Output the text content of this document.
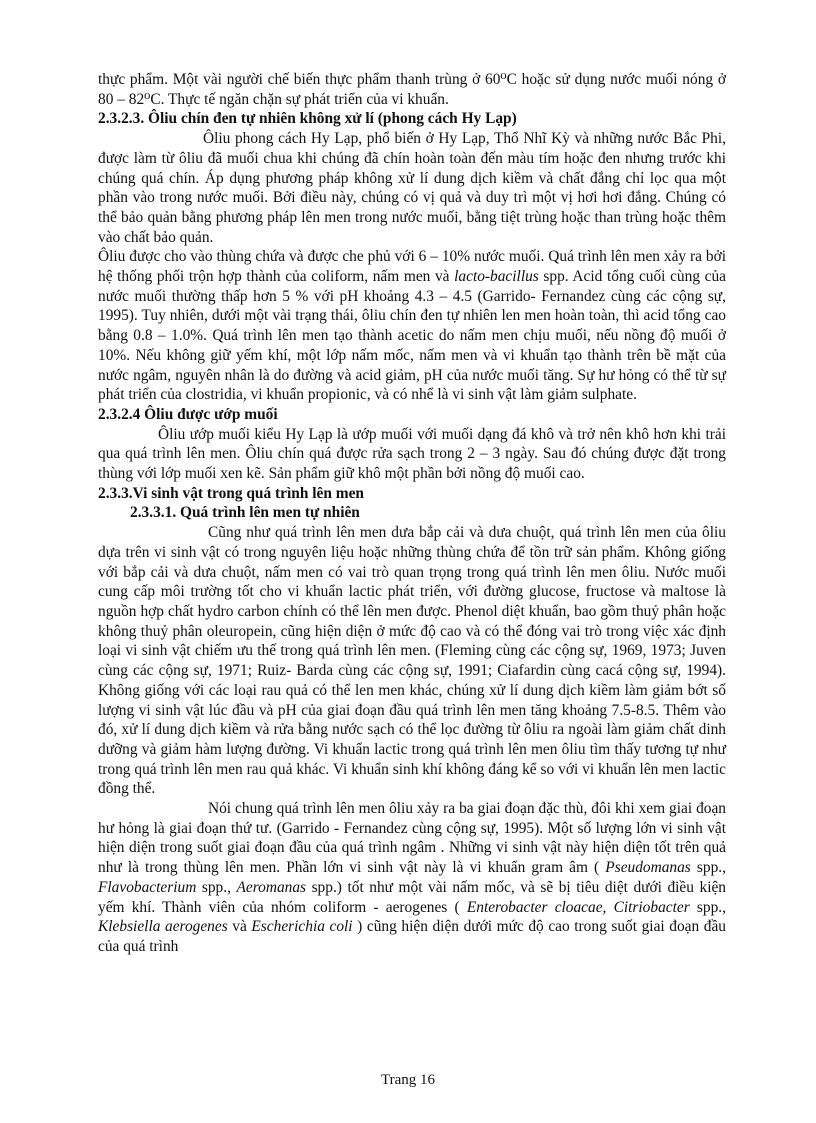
thực phẩm. Một vài người chế biến thực phẩm thanh trùng ở 60⁰C hoặc sử dụng nước muối nóng ở 80 – 82⁰C. Thực tế ngăn chặn sự phát triển của vi khuẩn.

2.3.2.3. Ôliu chín đen tự nhiên không xử lí (phong cách Hy Lạp)

Ôliu phong cách Hy Lạp, phổ biến ở Hy Lạp, Thổ Nhĩ Kỳ và những nước Bắc Phi, được làm từ ôliu đã muối chua khi chúng đã chín hoàn toàn đến màu tím hoặc đen nhưng trước khi chúng quá chín. Áp dụng phương pháp không xử lí dung dịch kiềm và chất đắng chỉ lọc qua một phần vào trong nước muối. Bởi điều này, chúng có vị quả và duy trì một vị hơi hơi đắng. Chúng có thể bảo quản bằng phương pháp lên men trong nước muối, bằng tiệt trùng hoặc than trùng hoặc thêm vào chất bảo quản.

Ôliu được cho vào thùng chứa và được che phủ với 6 – 10% nước muối. Quá trình lên men xảy ra bởi hệ thống phối trộn hợp thành của coliform, nấm men và lacto-bacillus spp. Acid tổng cuối cùng của nước muối thường thấp hơn 5 % với pH khoảng 4.3 – 4.5 (Garrido- Fernandez cùng các cộng sự, 1995). Tuy nhiên, dưới một vài trạng thái, ôliu chín đen tự nhiên len men hoàn toàn, thì acid tổng cao bằng 0.8 – 1.0%. Quá trình lên men tạo thành acetic do nấm men chịu muối, nếu nồng độ muối ở 10%. Nếu không giữ yếm khí, một lớp nấm mốc, nấm men và vi khuẩn tạo thành trên bề mặt của nước ngâm, nguyên nhân là do đường và acid giảm, pH của nước muối tăng. Sự hư hỏng có thể từ sự phát triển của clostridia, vi khuẩn propionic, và có nhể là vi sinh vật làm giảm sulphate.

2.3.2.4 Ôliu được ướp muối

Ôliu ướp muối kiểu Hy Lạp là ướp muối với muối dạng đá khô và trở nên khô hơn khi trải qua quá trình lên men. Ôliu chín quá được rửa sạch trong 2 – 3 ngày. Sau đó chúng được đặt trong thùng với lớp muối xen kẽ. Sản phẩm giữ khô một phần bởi nồng độ muối cao.

2.3.3.Vi sinh vật trong quá trình lên men

2.3.3.1. Quá trình lên men tự nhiên

Cũng như quá trình lên men dưa bắp cải và dưa chuột, quá trình lên men của ôliu dựa trên vi sinh vật có trong nguyên liệu hoặc những thùng chứa để tồn trữ sản phẩm. Không giống với bắp cải và dưa chuột, nấm men có vai trò quan trọng trong quá trình lên men ôliu. Nước muối cung cấp môi trường tốt cho vi khuẩn lactic phát triển, với đường glucose, fructose và maltose là nguồn hợp chất hydro carbon chính có thể lên men được. Phenol diệt khuẩn, bao gồm thuỷ phân hoặc không thuỷ phân oleuropein, cũng hiện diện ở mức độ cao và có thể đóng vai trò trong việc xác định loại vi sinh vật chiếm ưu thế trong quá trình lên men. (Fleming cùng các cộng sự, 1969, 1973; Juven cùng các cộng sự, 1971; Ruiz- Barda cùng các cộng sự, 1991; Ciafardin cùng cacá cộng sự, 1994). Không giống với các loại rau quả có thể len men khác, chúng xử lí dung dịch kiềm làm giảm bớt số lượng vi sinh vật lúc đầu và pH của giai đoạn đầu quá trình lên men tăng khoảng 7.5-8.5. Thêm vào đó, xử lí dung dịch kiềm và rửa bằng nước sạch có thể lọc đường từ ôliu ra ngoài làm giảm chất dinh dưỡng và giảm hàm lượng đường. Vi khuẩn lactic trong quá trình lên men ôliu tìm thấy tương tự như trong quá trình lên men rau quả khác. Vi khuẩn sinh khí không đáng kể so với vi khuẩn lên men lactic đồng thể.

Nói chung quá trình lên men ôliu xảy ra ba giai đoạn đặc thù, đôi khi xem giai đoạn hư hỏng là giai đoạn thứ tư. (Garrido - Fernandez cùng cộng sự, 1995). Một số lượng lớn vi sinh vật hiện diện trong suốt giai đoạn đầu của quá trình ngâm . Những vi sinh vật này hiện diện tốt trên quả như là trong thùng lên men. Phần lớn vi sinh vật này là vi khuẩn gram âm ( Pseudomanas spp., Flavobacterium spp., Aeromanas spp.) tốt như một vài nấm mốc, và sẽ bị tiêu diệt dưới điều kiện yếm khí. Thành viên của nhóm coliform - aerogenes ( Enterobacter cloacae, Citriobacter spp., Klebsiella aerogenes và Escherichia coli ) cũng hiện diện dưới mức độ cao trong suốt giai đoạn đầu của quá trình

Trang 16
